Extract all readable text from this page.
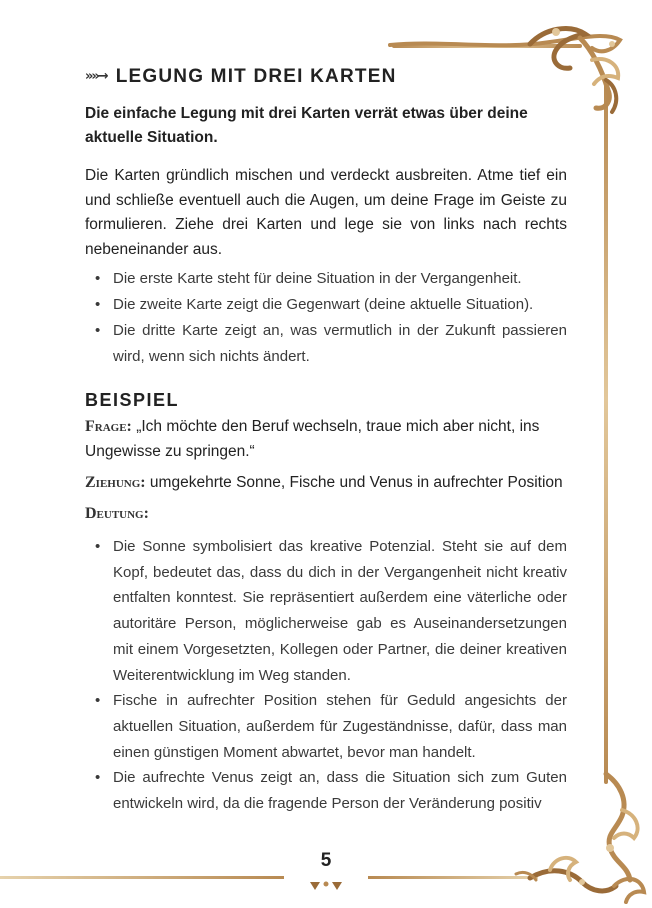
»»→ LEGUNG MIT DREI KARTEN

Die einfache Legung mit drei Karten verrät etwas über deine aktuelle Situation.

Die Karten gründlich mischen und verdeckt ausbreiten. Atme tief ein und schließe eventuell auch die Augen, um deine Frage im Geiste zu formulieren. Ziehe drei Karten und lege sie von links nach rechts nebeneinander aus.

• Die erste Karte steht für deine Situation in der Vergangenheit.
• Die zweite Karte zeigt die Gegenwart (deine aktuelle Situation).
• Die dritte Karte zeigt an, was vermutlich in der Zukunft passieren wird, wenn sich nichts ändert.
BEISPIEL

Frage: „Ich möchte den Beruf wechseln, traue mich aber nicht, ins Ungewisse zu springen.“

Ziehung: umgekehrte Sonne, Fische und Venus in aufrechter Position

Deutung:

• Die Sonne symbolisiert das kreative Potenzial. Steht sie auf dem Kopf, bedeutet das, dass du dich in der Vergangenheit nicht kreativ entfalten konntest. Sie repräsentiert außerdem eine väterliche oder autoritäre Person, möglicherweise gab es Auseinandersetzungen mit einem Vorgesetzten, Kollegen oder Partner, die deiner kreativen Weiterentwicklung im Weg standen.
• Fische in aufrechter Position stehen für Geduld angesichts der aktuellen Situation, außerdem für Zugeständnisse, dafür, dass man einen günstigen Moment abwartet, bevor man handelt.
• Die aufrechte Venus zeigt an, dass die Situation sich zum Guten entwickeln wird, da die fragende Person der Veränderung positiv
5
